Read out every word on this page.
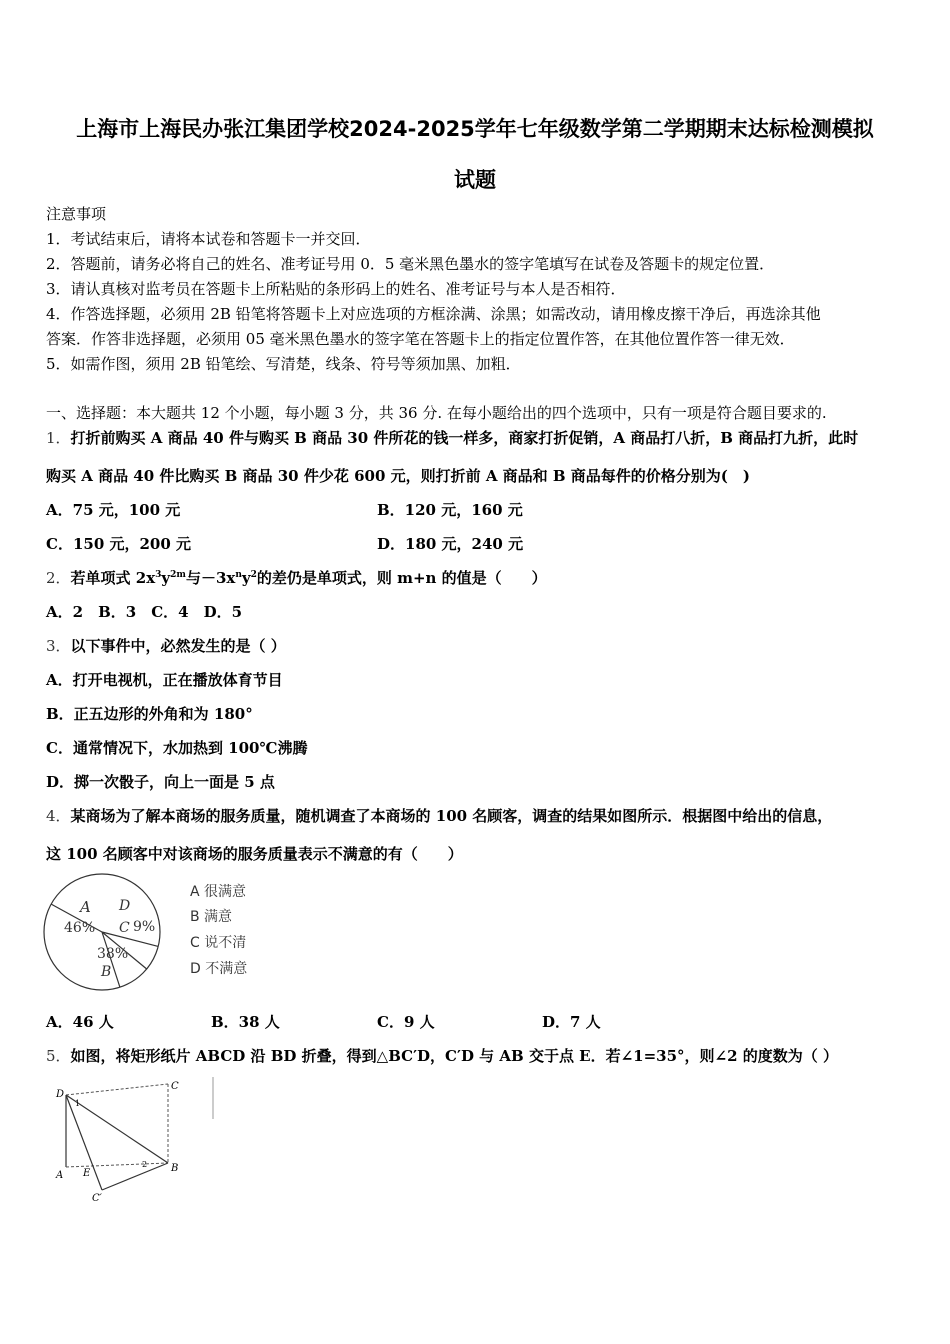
上海市上海民办张江集团学校2024-2025学年七年级数学第二学期期末达标检测模拟
试题
注意事项
1．考试结束后，请将本试卷和答题卡一并交回．
2．答题前，请务必将自己的姓名、准考证号用 0．5 毫米黑色墨水的签字笔填写在试卷及答题卡的规定位置．
3．请认真核对监考员在答题卡上所粘贴的条形码上的姓名、准考证号与本人是否相符．
4．作答选择题，必须用 2B 铅笔将答题卡上对应选项的方框涂满、涂黑；如需改动，请用橡皮擦干净后，再选涂其他
答案．作答非选择题，必须用 05 毫米黑色墨水的签字笔在答题卡上的指定位置作答，在其他位置作答一律无效．
5．如需作图，须用 2B 铅笔绘、写清楚，线条、符号等须加黑、加粗．
一、选择题：本大题共 12 个小题，每小题 3 分，共 36 分. 在每小题给出的四个选项中，只有一项是符合题目要求的.
1．打折前购买 A 商品 40 件与购买 B 商品 30 件所花的钱一样多，商家打折促销，A 商品打八折，B 商品打九折，此时
购买 A 商品 40 件比购买 B 商品 30 件少花 600 元，则打折前 A 商品和 B 商品每件的价格分别为(　)
A．75 元，100 元	B．120 元，160 元
C．150 元，200 元	D．180 元，240 元
2．若单项式 $2x^3y^{2m}$与$-3x^ny^2$的差仍是单项式，则 m+n 的值是（　　）
A．2　B．3　C．4　D．5
3．以下事件中，必然发生的是（ ）
A．打开电视机，正在播放体育节目
B．正五边形的外角和为 180°
C．通常情况下，水加热到 100℃沸腾
D．掷一次骰子，向上一面是 5 点
4．某商场为了解本商场的服务质量，随机调查了本商场的 100 名顾客，调查的结果如图所示．根据图中给出的信息，
这 100 名顾客中对该商场的服务质量表示不满意的有（　　）
A
46%
D
C 9%
38%
B
A 很满意
B 满意
C 说不清
D 不满意
A．46 人	B．38 人	C．9 人	D．7 人
5．如图，将矩形纸片 ABCD 沿 BD 折叠，得到△BC′D，C′D 与 AB 交于点 E．若∠1=35°，则∠2 的度数为（ ）
D
C
A E	B
C′
1
2
